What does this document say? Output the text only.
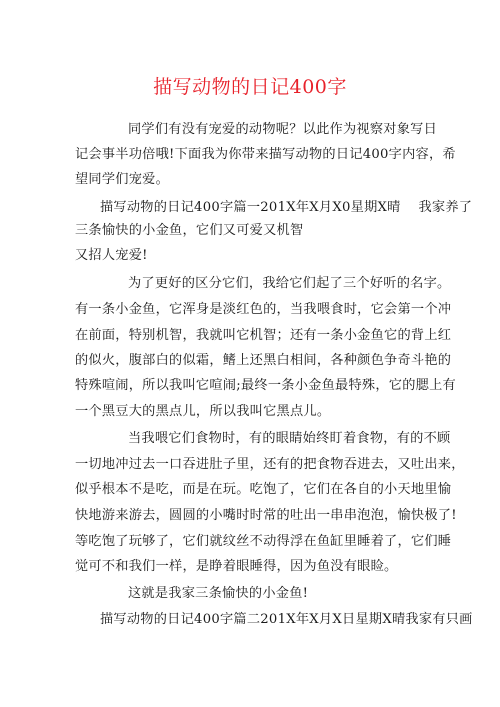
描写动物的日记400字
同学们有没有宠爱的动物呢？以此作为视察对象写日
记会事半功倍哦!下面我为你带来描写动物的日记400字内容，希
望同学们宠爱。
描写动物的日记400字篇一201X年X月X0星期X晴　 我家养了
三条愉快的小金鱼，它们又可爱又机智
又招人宠爱!
为了更好的区分它们，我给它们起了三个好听的名字。
有一条小金鱼，它浑身是淡红色的，当我喂食时，它会第一个冲
在前面，特别机智，我就叫它机智；还有一条小金鱼它的背上红
的似火，腹部白的似霜，鳍上还黑白相间，各种颜色争奇斗艳的
特殊喧闹，所以我叫它喧闹;最终一条小金鱼最特殊，它的腮上有
一个黑豆大的黑点儿，所以我叫它黑点儿。
当我喂它们食物时，有的眼睛始终盯着食物，有的不顾
一切地冲过去一口吞进肚子里，还有的把食物吞进去，又吐出来，
似乎根本不是吃，而是在玩。吃饱了，它们在各自的小天地里愉
快地游来游去，圆圆的小嘴时时常的吐出一串串泡泡，愉快极了!
等吃饱了玩够了，它们就纹丝不动得浮在鱼缸里睡着了，它们睡
觉可不和我们一样，是睁着眼睡得，因为鱼没有眼睑。
这就是我家三条愉快的小金鱼!
描写动物的日记400字篇二201X年X月X日星期X晴我家有只画
